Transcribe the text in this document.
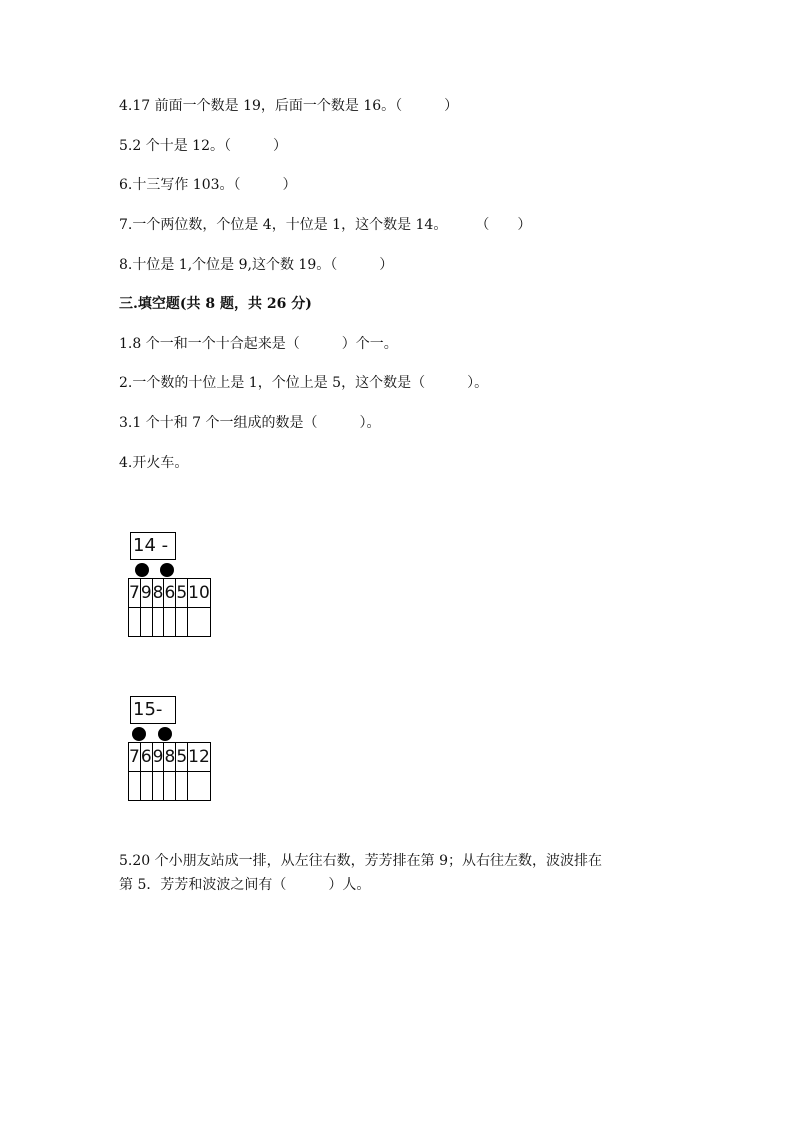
4.17 前面一个数是 19，后面一个数是 16。（　　　）
5.2 个十是 12。（　　　）
6.十三写作 103。（　　　）
7.一个两位数，个位是 4，十位是 1，这个数是 14。　　　（　　）
8.十位是 1,个位是 9,这个数 19。（　　　）
三.填空题(共 8 题，共 26 分)
1.8 个一和一个十合起来是（　　　）个一。
2.一个数的十位上是 1，个位上是 5，这个数是（　　　）。
3.1 个十和 7 个一组成的数是（　　　）。
4.开火车。
14 -
7	9	8	6	5	10

15-
7	6	9	8	5	12

5.20 个小朋友站成一排，从左往右数，芳芳排在第 9；从右往左数，波波排在
第 5．芳芳和波波之间有（　　　）人。
